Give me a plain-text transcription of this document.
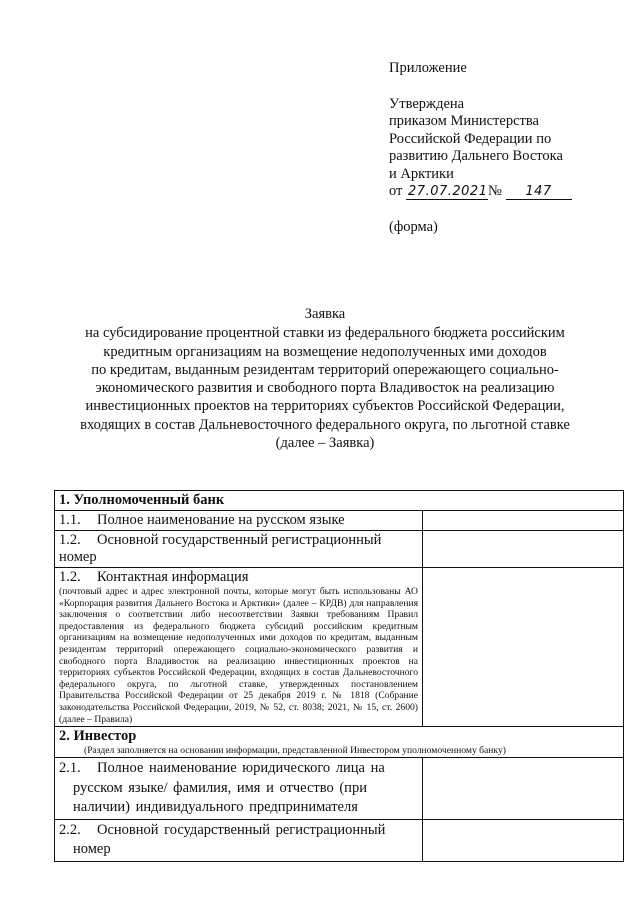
Приложение
Утверждена
приказом Министерства
Российской Федерации по
развитию Дальнего Востока
и Арктики
от 27.07.2021№ 147
(форма)
Заявка
на субсидирование процентной ставки из федерального бюджета российским
кредитным организациям на возмещение недополученных ими доходов
по кредитам, выданным резидентам территорий опережающего социально-
экономического развития и свободного порта Владивосток на реализацию
инвестиционных проектов на территориях субъектов Российской Федерации,
входящих в состав Дальневосточного федерального округа, по льготной ставке
(далее – Заявка)
1. Уполномоченный банк
1.1. Полное наименование на русском языке
1.2. Основной государственный регистрационный
номер
1.2. Контактная информация
(почтовый адрес и адрес электронной почты, которые могут быть использованы АО «Корпорация развития Дальнего Востока и Арктики» (далее – КРДВ) для направления заключения о соответствии либо несоответствии Заявки требованиям Правил предоставления из федерального бюджета субсидий российским кредитным организациям на возмещение недополученных ими доходов по кредитам, выданным резидентам территорий опережающего социально-экономического развития и свободного порта Владивосток на реализацию инвестиционных проектов на территориях субъектов Российской Федерации, входящих в состав Дальневосточного федерального округа, по льготной ставке, утвержденных постановлением Правительства Российской Федерации от 25 декабря 2019 г. № 1818 (Собрание законодательства Российской Федерации, 2019, № 52, ст. 8038; 2021, № 15, ст. 2600) (далее – Правила)
2. Инвестор
(Раздел заполняется на основании информации, представленной Инвестором уполномоченному банку)
2.1. Полное наименование юридического лица на
русском языке/ фамилия, имя и отчество (при
наличии) индивидуального предпринимателя
2.2. Основной государственный регистрационный
номер
